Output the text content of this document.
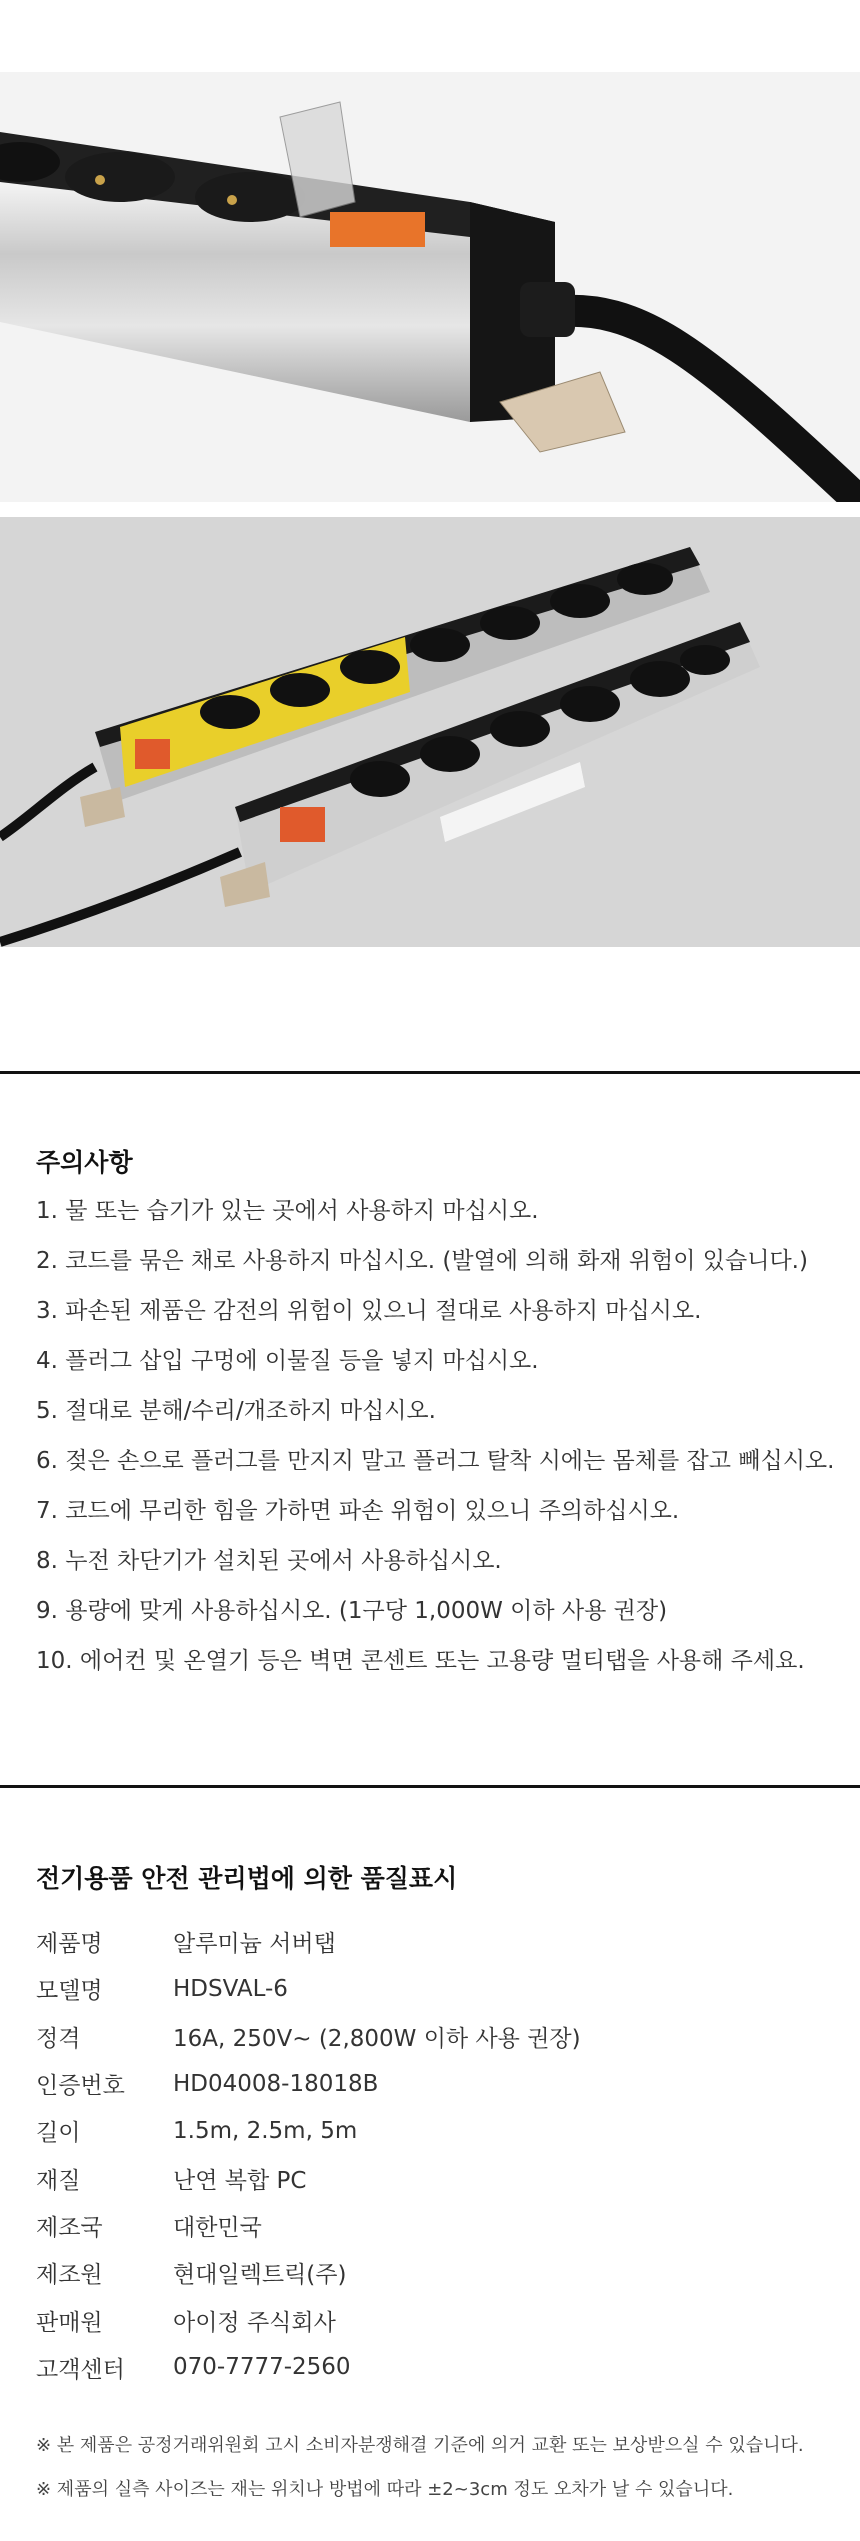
주의사항
1. 물 또는 습기가 있는 곳에서 사용하지 마십시오.
2. 코드를 묶은 채로 사용하지 마십시오. (발열에 의해 화재 위험이 있습니다.)
3. 파손된 제품은 감전의 위험이 있으니 절대로 사용하지 마십시오.
4. 플러그 삽입 구멍에 이물질 등을 넣지 마십시오.
5. 절대로 분해/수리/개조하지 마십시오.
6. 젖은 손으로 플러그를 만지지 말고 플러그 탈착 시에는 몸체를 잡고 빼십시오.
7. 코드에 무리한 힘을 가하면 파손 위험이 있으니 주의하십시오.
8. 누전 차단기가 설치된 곳에서 사용하십시오.
9. 용량에 맞게 사용하십시오. (1구당 1,000W 이하 사용 권장)
10. 에어컨 및 온열기 등은 벽면 콘센트 또는 고용량 멀티탭을 사용해 주세요.
전기용품 안전 관리법에 의한 품질표시
제품명	알루미늄 서버탭
모델명	HDSVAL-6
정격	16A, 250V~ (2,800W 이하 사용 권장)
인증번호	HD04008-18018B
길이	1.5m, 2.5m, 5m
재질	난연 복합 PC
제조국	대한민국
제조원	현대일렉트릭(주)
판매원	아이정 주식회사
고객센터	070-7777-2560

※ 본 제품은 공정거래위원회 고시 소비자분쟁해결 기준에 의거 교환 또는 보상받으실 수 있습니다.

※ 제품의 실측 사이즈는 재는 위치나 방법에 따라 ±2~3cm 정도 오차가 날 수 있습니다.
